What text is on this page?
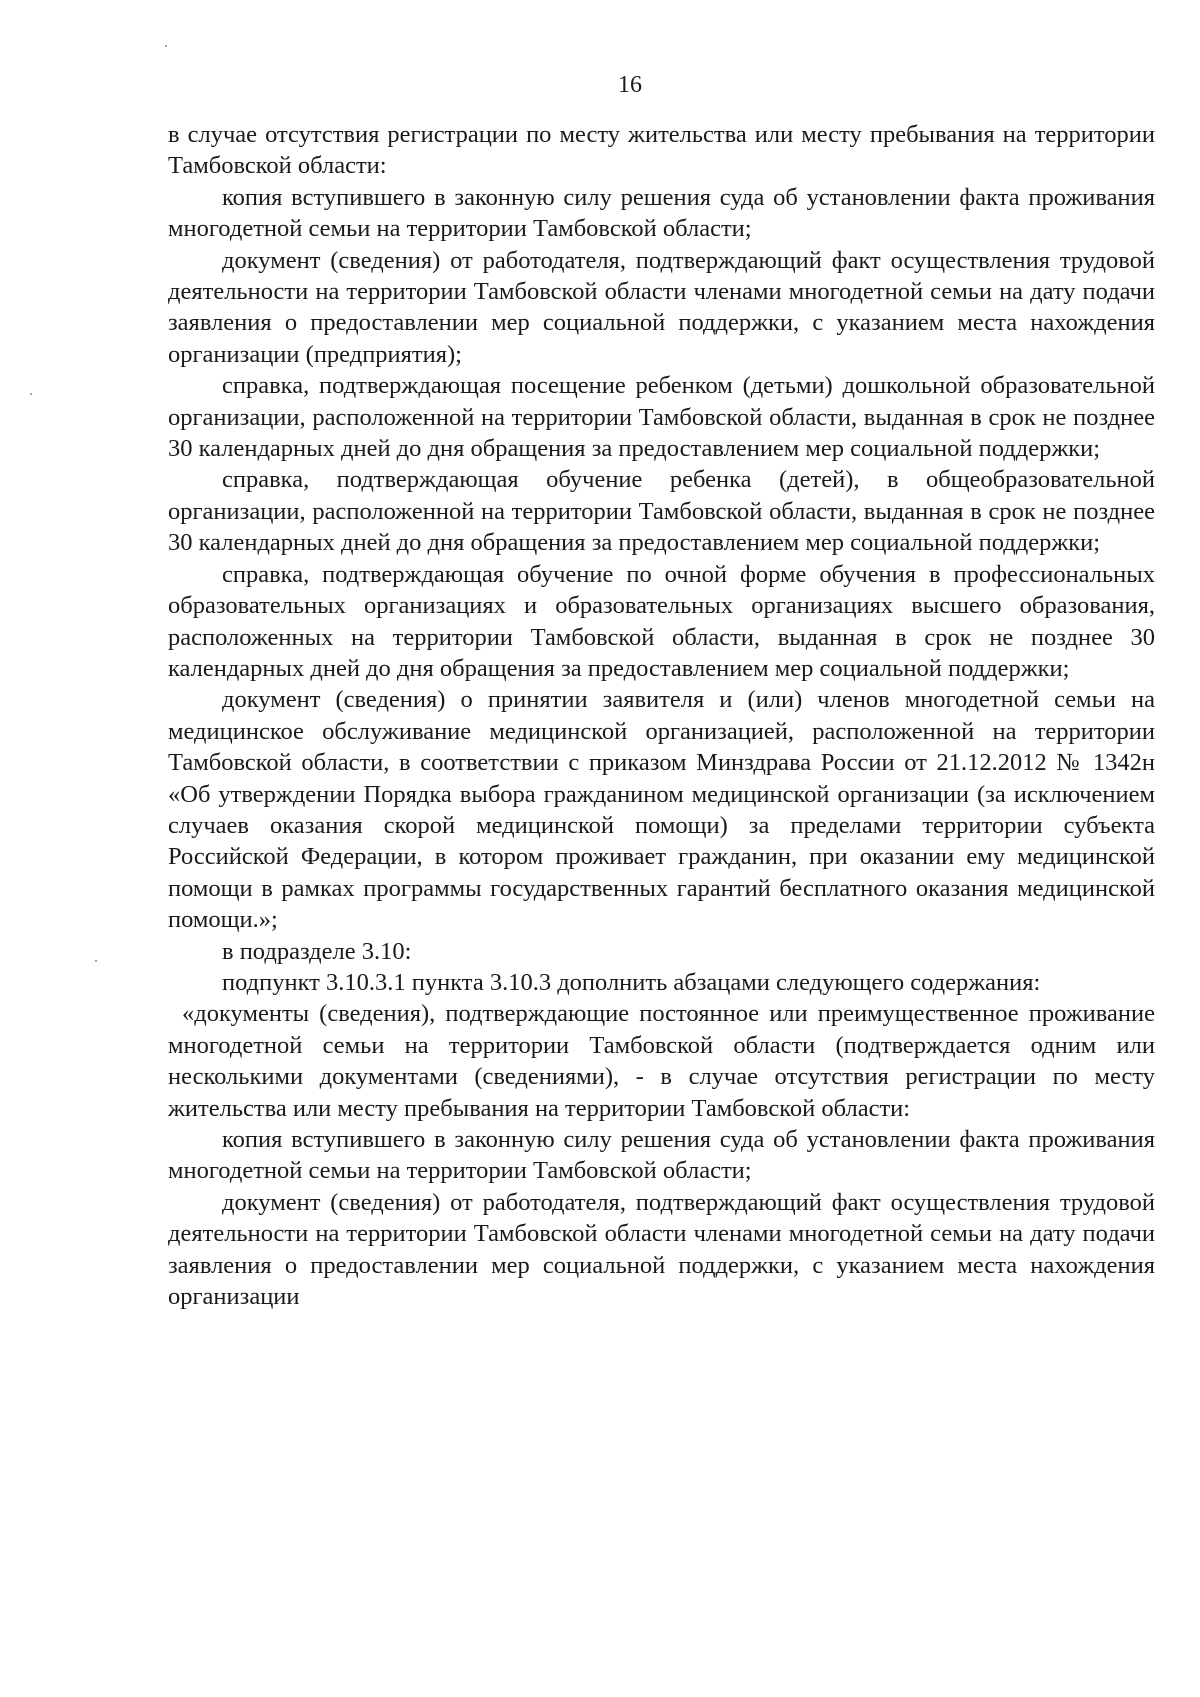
16

в случае отсутствия регистрации по месту жительства или месту пребывания на территории Тамбовской области:

копия вступившего в законную силу решения суда об установлении факта проживания многодетной семьи на территории Тамбовской области;

документ (сведения) от работодателя, подтверждающий факт осуществления трудовой деятельности на территории Тамбовской области членами многодетной семьи на дату подачи заявления о предоставлении мер социальной поддержки, с указанием места нахождения организации (предприятия);

справка, подтверждающая посещение ребенком (детьми) дошкольной образовательной организации, расположенной на территории Тамбовской области, выданная в срок не позднее 30 календарных дней до дня обращения за предоставлением мер социальной поддержки;

справка, подтверждающая обучение ребенка (детей), в общеобразовательной организации, расположенной на территории Тамбовской области, выданная в срок не позднее 30 календарных дней до дня обращения за предоставлением мер социальной поддержки;

справка, подтверждающая обучение по очной форме обучения в профессиональных образовательных организациях и образовательных организациях высшего образования, расположенных на территории Тамбовской области, выданная в срок не позднее 30 календарных дней до дня обращения за предоставлением мер социальной поддержки;

документ (сведения) о принятии заявителя и (или) членов многодетной семьи на медицинское обслуживание медицинской организацией, расположенной на территории Тамбовской области, в соответствии с приказом Минздрава России от 21.12.2012 № 1342н «Об утверждении Порядка выбора гражданином медицинской организации (за исключением случаев оказания скорой медицинской помощи) за пределами территории субъекта Российской Федерации, в котором проживает гражданин, при оказании ему медицинской помощи в рамках программы государственных гарантий бесплатного оказания медицинской помощи.»;

в подразделе 3.10:

подпункт 3.10.3.1 пункта 3.10.3 дополнить абзацами следующего содержания:

«документы (сведения), подтверждающие постоянное или преимущественное проживание многодетной семьи на территории Тамбовской области (подтверждается одним или несколькими документами (сведениями), - в случае отсутствия регистрации по месту жительства или месту пребывания на территории Тамбовской области:

копия вступившего в законную силу решения суда об установлении факта проживания многодетной семьи на территории Тамбовской области;

документ (сведения) от работодателя, подтверждающий факт осуществления трудовой деятельности на территории Тамбовской области членами многодетной семьи на дату подачи заявления о предоставлении мер социальной поддержки, с указанием места нахождения организации
